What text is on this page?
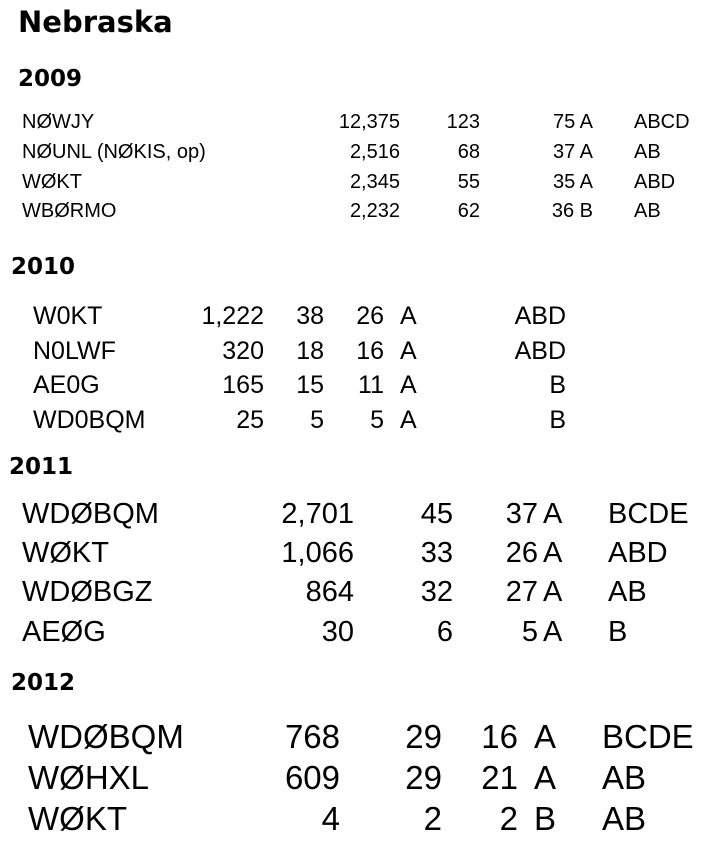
Nebraska
2009
NØWJY	12,375 123	75 A ABCD
NØUNL (NØKIS, op)	2,516	68	37 A AB
WØKT	2,345	55	35 A ABD
WBØRMO	2,232	62	36 B AB
2010
W0KT	1,222 38 26 A	ABD
N0LWF	320 18 16 A	ABD
AE0G	165 15 11 A	B
WD0BQM	25 5 5 A	B
2011
WDØBQM	2,701 45 37 A BCDE
WØKT	1,066 33 26 A ABD
WDØBGZ	864 32 27 A AB
AEØG	30	6 5 A B
2012
WDØBQM	768 29 16 A BCDE
WØHXL	609 29 21 A AB
WØKT	4	2 2 B AB
